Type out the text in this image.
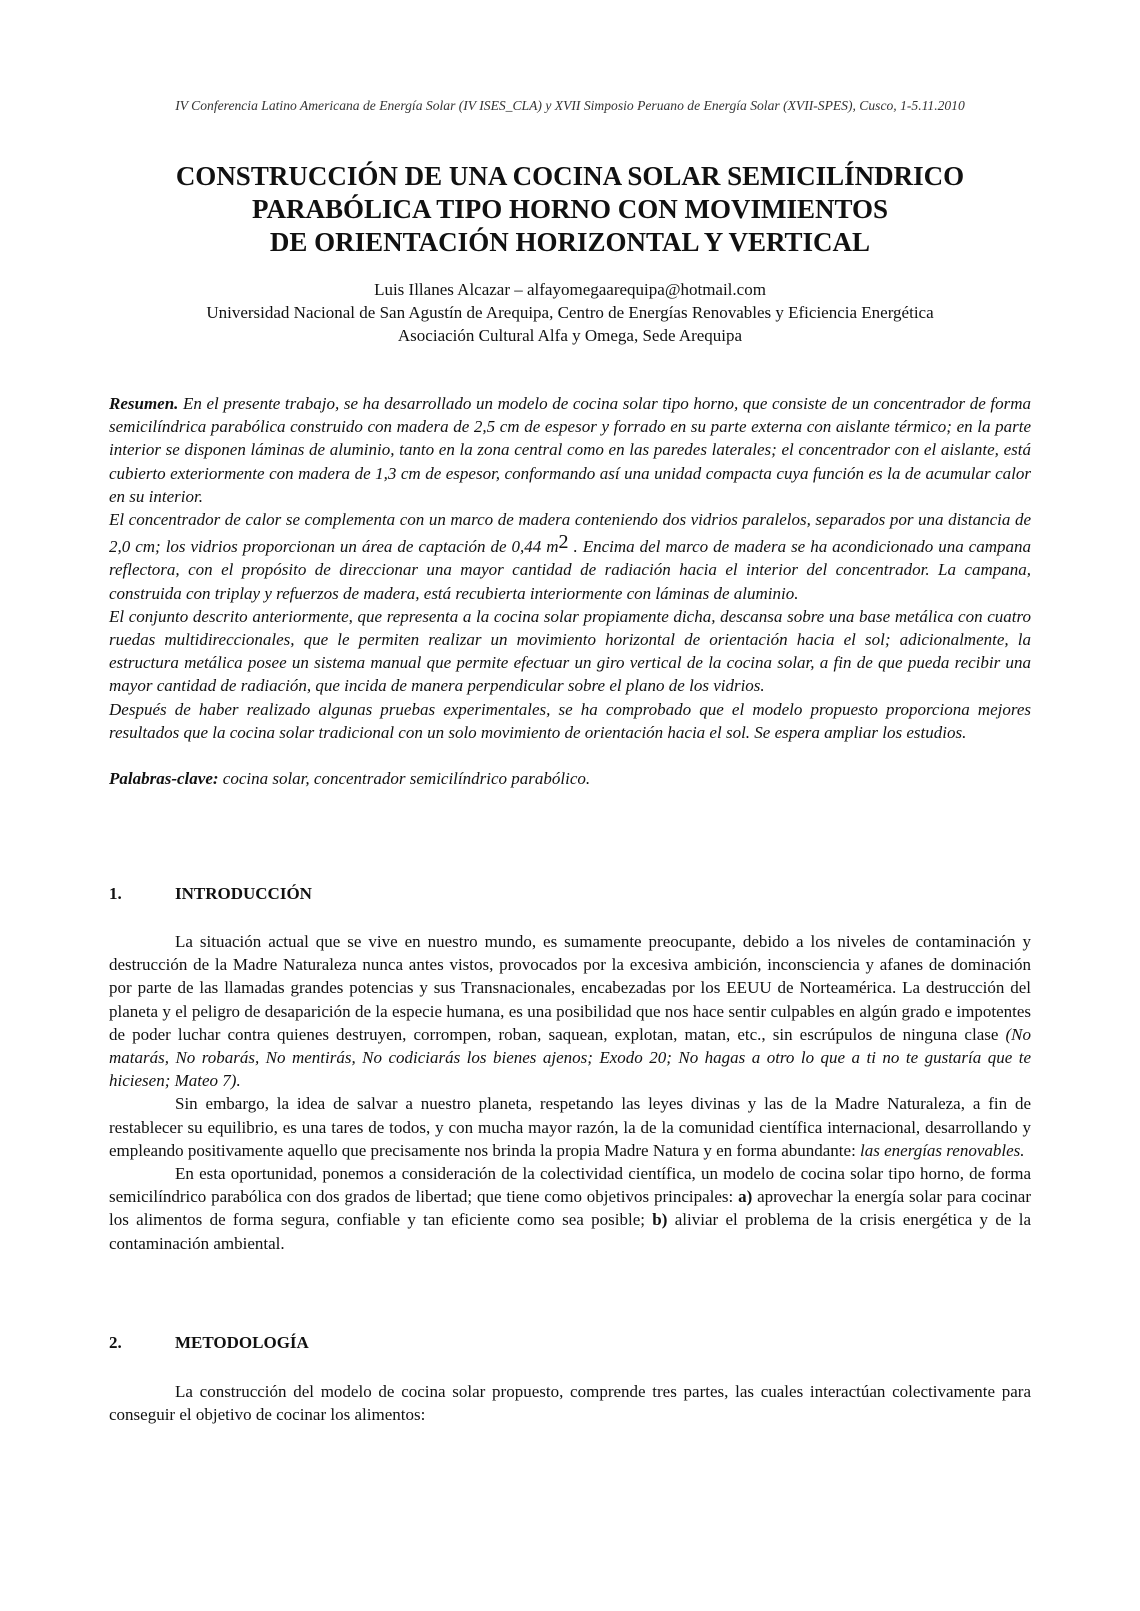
IV Conferencia Latino Americana de Energía Solar (IV ISES_CLA) y XVII Simposio Peruano de Energía Solar (XVII-SPES), Cusco, 1-5.11.2010
CONSTRUCCIÓN DE UNA COCINA SOLAR SEMICILÍNDRICO
PARABÓLICA TIPO HORNO CON MOVIMIENTOS
DE ORIENTACIÓN HORIZONTAL Y VERTICAL
Luis Illanes Alcazar – alfayomegaarequipa@hotmail.com
Universidad Nacional de San Agustín de Arequipa, Centro de Energías Renovables y Eficiencia Energética
Asociación Cultural Alfa y Omega, Sede Arequipa

Resumen. En el presente trabajo, se ha desarrollado un modelo de cocina solar tipo horno, que consiste de un concentrador de forma semicilíndrica parabólica construido con madera de 2,5 cm de espesor y forrado en su parte externa con aislante térmico; en la parte interior se disponen láminas de aluminio, tanto en la zona central como en las paredes laterales; el concentrador con el aislante, está cubierto exteriormente con madera de 1,3 cm de espesor, conformando así una unidad compacta cuya función es la de acumular calor en su interior.

El concentrador de calor se complementa con un marco de madera conteniendo dos vidrios paralelos, separados por una distancia de 2,0 cm; los vidrios proporcionan un área de captación de 0,44 m2 . Encima del marco de madera se ha acondicionado una campana reflectora, con el propósito de direccionar una mayor cantidad de radiación hacia el interior del concentrador. La campana, construida con triplay y refuerzos de madera, está recubierta interiormente con láminas de aluminio.

El conjunto descrito anteriormente, que representa a la cocina solar propiamente dicha, descansa sobre una base metálica con cuatro ruedas multidireccionales, que le permiten realizar un movimiento horizontal de orientación hacia el sol; adicionalmente, la estructura metálica posee un sistema manual que permite efectuar un giro vertical de la cocina solar, a fin de que pueda recibir una mayor cantidad de radiación, que incida de manera perpendicular sobre el plano de los vidrios.

Después de haber realizado algunas pruebas experimentales, se ha comprobado que el modelo propuesto proporciona mejores resultados que la cocina solar tradicional con un solo movimiento de orientación hacia el sol. Se espera ampliar los estudios.

Palabras-clave: cocina solar, concentrador semicilíndrico parabólico.

1.	INTRODUCCIÓN

La situación actual que se vive en nuestro mundo, es sumamente preocupante, debido a los niveles de contaminación y destrucción de la Madre Naturaleza nunca antes vistos, provocados por la excesiva ambición, inconsciencia y afanes de dominación por parte de las llamadas grandes potencias y sus Transnacionales, encabezadas por los EEUU de Norteamérica. La destrucción del planeta y el peligro de desaparición de la especie humana, es una posibilidad que nos hace sentir culpables en algún grado e impotentes de poder luchar contra quienes destruyen, corrompen, roban, saquean, explotan, matan, etc., sin escrúpulos de ninguna clase (No matarás, No robarás, No mentirás, No codiciarás los bienes ajenos; Exodo 20; No hagas a otro lo que a ti no te gustaría que te hiciesen; Mateo 7).

Sin embargo, la idea de salvar a nuestro planeta, respetando las leyes divinas y las de la Madre Naturaleza, a fin de restablecer su equilibrio, es una tares de todos, y con mucha mayor razón, la de la comunidad científica internacional, desarrollando y empleando positivamente aquello que precisamente nos brinda la propia Madre Natura y en forma abundante: las energías renovables.

En esta oportunidad, ponemos a consideración de la colectividad científica, un modelo de cocina solar tipo horno, de forma semicilíndrico parabólica con dos grados de libertad; que tiene como objetivos principales: a) aprovechar la energía solar para cocinar los alimentos de forma segura, confiable y tan eficiente como sea posible; b) aliviar el problema de la crisis energética y de la contaminación ambiental.

2.	METODOLOGÍA

La construcción del modelo de cocina solar propuesto, comprende tres partes, las cuales interactúan colectivamente para conseguir el objetivo de cocinar los alimentos:
